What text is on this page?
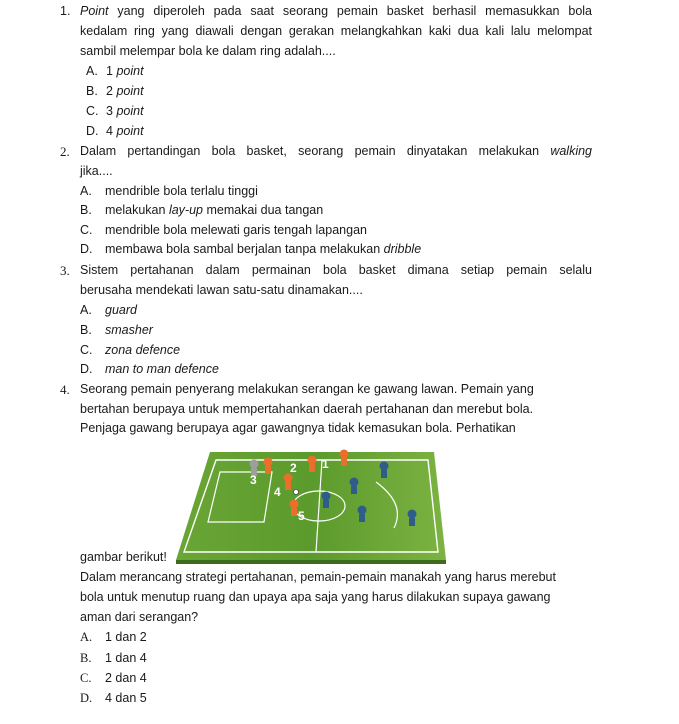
1. Point yang diperoleh pada saat seorang pemain basket berhasil memasukkan bola
kedalam ring yang diawali dengan gerakan melangkahkan kaki dua kali lalu melompat
sambil melempar bola ke dalam ring adalah....
A. 1 point
B. 2 point
C. 3 point
D. 4 point
2. Dalam pertandingan bola basket, seorang pemain dinyatakan melakukan walking
jika....
A. mendrible bola terlalu tinggi
B. melakukan lay-up memakai dua tangan
C. mendrible bola melewati garis tengah lapangan
D. membawa bola sambal berjalan tanpa melakukan dribble
3. Sistem pertahanan dalam permainan bola basket dimana setiap pemain selalu
berusaha mendekati lawan satu-satu dinamakan....
A. guard
B. smasher
C. zona defence
D. man to man defence
4. Seorang pemain penyerang melakukan serangan ke gawang lawan. Pemain yang
bertahan berupaya untuk mempertahankan daerah pertahanan dan merebut bola.
Penjaga gawang berupaya agar gawangnya tidak kemasukan bola. Perhatikan
gambar berikut!
1
2
3
4
5
Dalam merancang strategi pertahanan, pemain-pemain manakah yang harus merebut
bola untuk menutup ruang dan upaya apa saja yang harus dilakukan supaya gawang
aman dari serangan?
A. 1 dan 2
B. 1 dan 4
C. 2 dan 4
D. 4 dan 5
